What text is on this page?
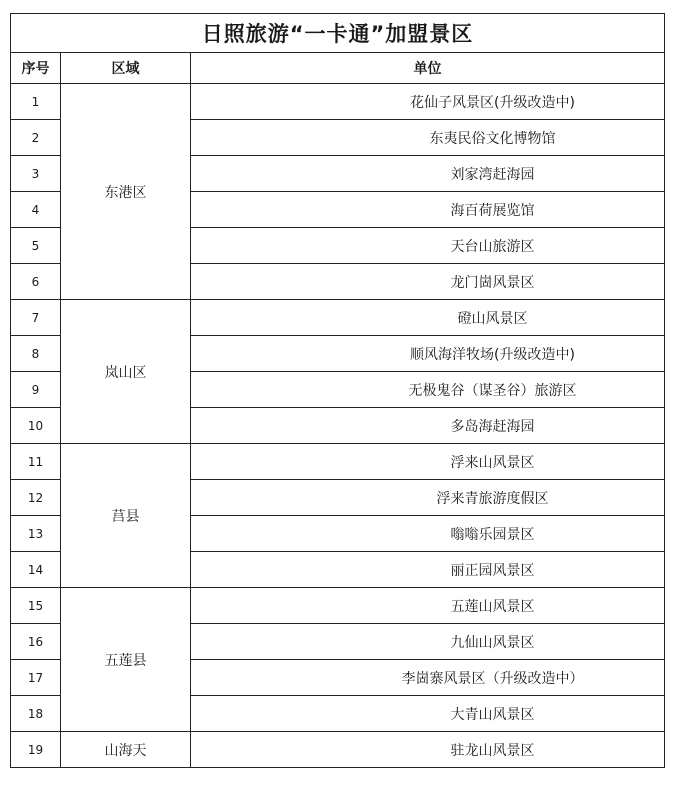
日照旅游“一卡通”加盟景区		
序号	区域	单位
1	东港区	花仙子风景区(升级改造中)
2		东夷民俗文化博物馆
3		刘家湾赶海园
4		海百荷展览馆
5		天台山旅游区
6		龙门崮风景区
7	岚山区	磴山风景区
8		顺风海洋牧场(升级改造中)
9		无极鬼谷（谋圣谷）旅游区
10		多岛海赶海园
11	莒县	浮来山风景区
12		浮来青旅游度假区
13		嗡嗡乐园景区
14		丽正园风景区
15	五莲县	五莲山风景区
16		九仙山风景区
17		李崮寨风景区（升级改造中）
18		大青山风景区
19	山海天	驻龙山风景区
